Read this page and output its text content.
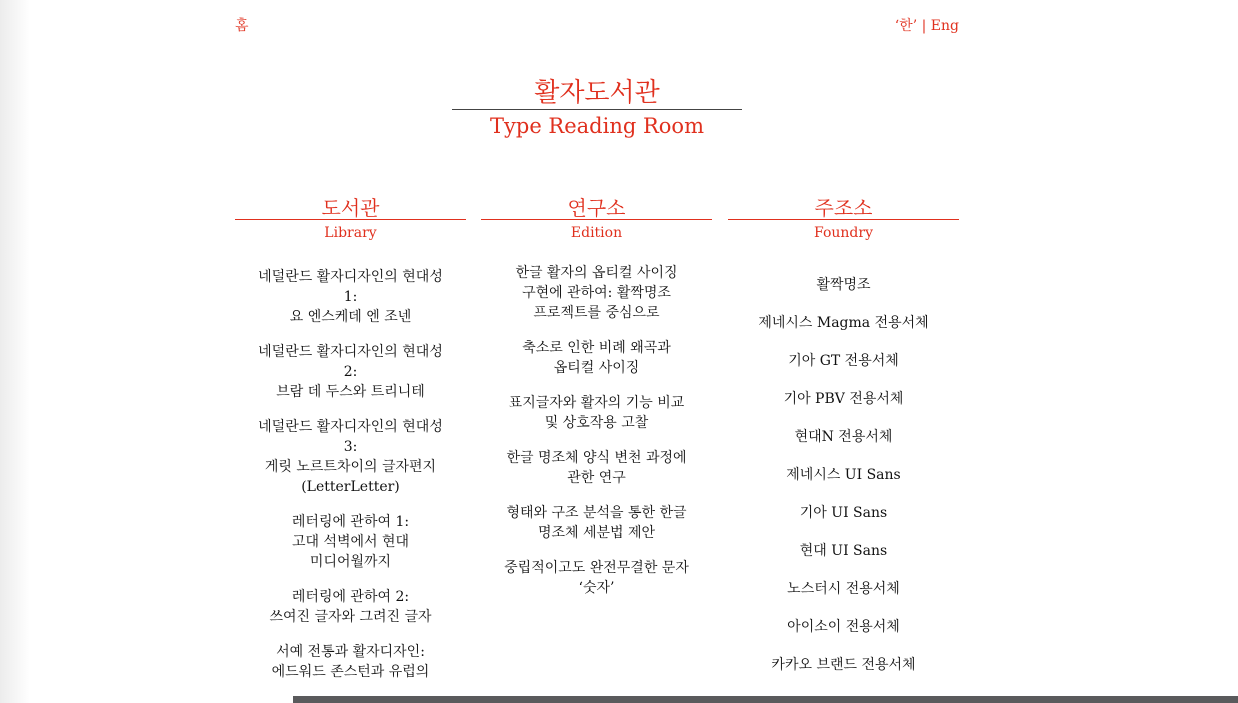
홈	‘한’ | Eng
활자도서관
Type Reading Room
도서관
Library
네덜란드 활자디자인의 현대성
1:
요 엔스케데 엔 조넨
네덜란드 활자디자인의 현대성
2:
브람 데 두스와 트리니테
네덜란드 활자디자인의 현대성
3:
게릿 노르트차이의 글자편지
(LetterLetter)
레터링에 관하여 1:
고대 석벽에서 현대
미디어월까지
레터링에 관하여 2:
쓰여진 글자와 그려진 글자
서예 전통과 활자디자인:
에드워드 존스턴과 유럽의
연구소
Edition
한글 활자의 옵티컬 사이징
구현에 관하여: 활짝명조
프로젝트를 중심으로
축소로 인한 비례 왜곡과
옵티컬 사이징
표지글자와 활자의 기능 비교
및 상호작용 고찰
한글 명조체 양식 변천 과정에
관한 연구
형태와 구조 분석을 통한 한글
명조체 세분법 제안
중립적이고도 완전무결한 문자
‘숫자’
주조소
Foundry
활짝명조
제네시스 Magma 전용서체
기아 GT 전용서체
기아 PBV 전용서체
현대N 전용서체
제네시스 UI Sans
기아 UI Sans
현대 UI Sans
노스터시 전용서체
아이소이 전용서체
카카오 브랜드 전용서체
